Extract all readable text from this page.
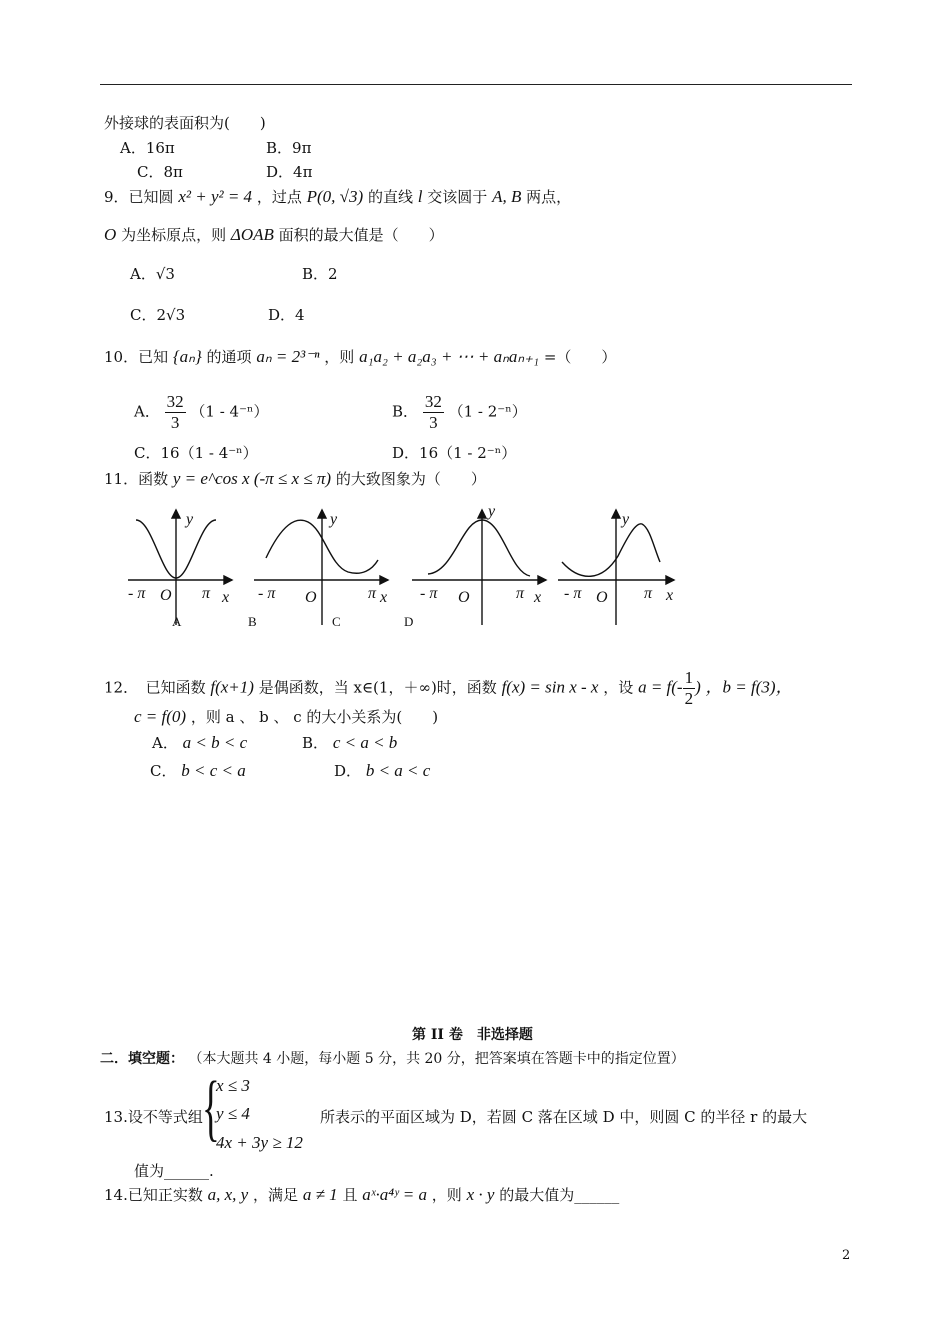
外接球的表面积为(　　)
A．16π	B．9π
C．8π	D．4π
9．已知圆 x² + y² = 4 ，过点 P(0, √3) 的直线 l 交该圆于 A, B 两点，
O 为坐标原点，则 ΔOAB 面积的最大值是（　　）
A．√3	B．2
C．2√3	D．4
10．已知 {aₙ} 的通项 aₙ = 2³⁻ⁿ ，则 a₁a₂ + a₂a₃ + ⋯ + aₙaₙ₊₁ =（　　）
A． $\frac{32}{3} (1 - 4^{-n})$	B． $\frac{32}{3} (1 - 2^{-n})$
C．16（1 - 4⁻ⁿ）	D．16（1 - 2⁻ⁿ）
11．函数 y = e^cos x (-π ≤ x ≤ π) 的大致图象为（　　）
y
x
- π O π
y
x
- π O	π
y
x
- π O	π
y
x
- π O π
A	B	C	D
12．　已知函数 f(x+1) 是偶函数，当 x∈(1，＋∞)时，函数 f(x) = sin x - x ，设 $a = f(- \frac{1}{2}$ ) ，b = f(3)，
c = f(0) ，则 a 、 b 、 c 的大小关系为(　　)
A． a < b < c	B． c < a < b
C． b < c < a	D． b < a < c
第 II 卷　非选择题
二．填空题： （本大题共 4 小题，每小题 5 分，共 20 分，把答案填在答题卡中的指定位置）
13.设不等式组 {
x ≤ 3
y ≤ 4
4x + 3y ≥ 12
所表示的平面区域为 D，若圆 C 落在区域 D 中，则圆 C 的半径 r 的最大
值为______.
14.已知正实数 a, x, y ，满足 a ≠ 1 且 aˣ·a⁴ʸ = a ，则 x · y 的最大值为______
2
